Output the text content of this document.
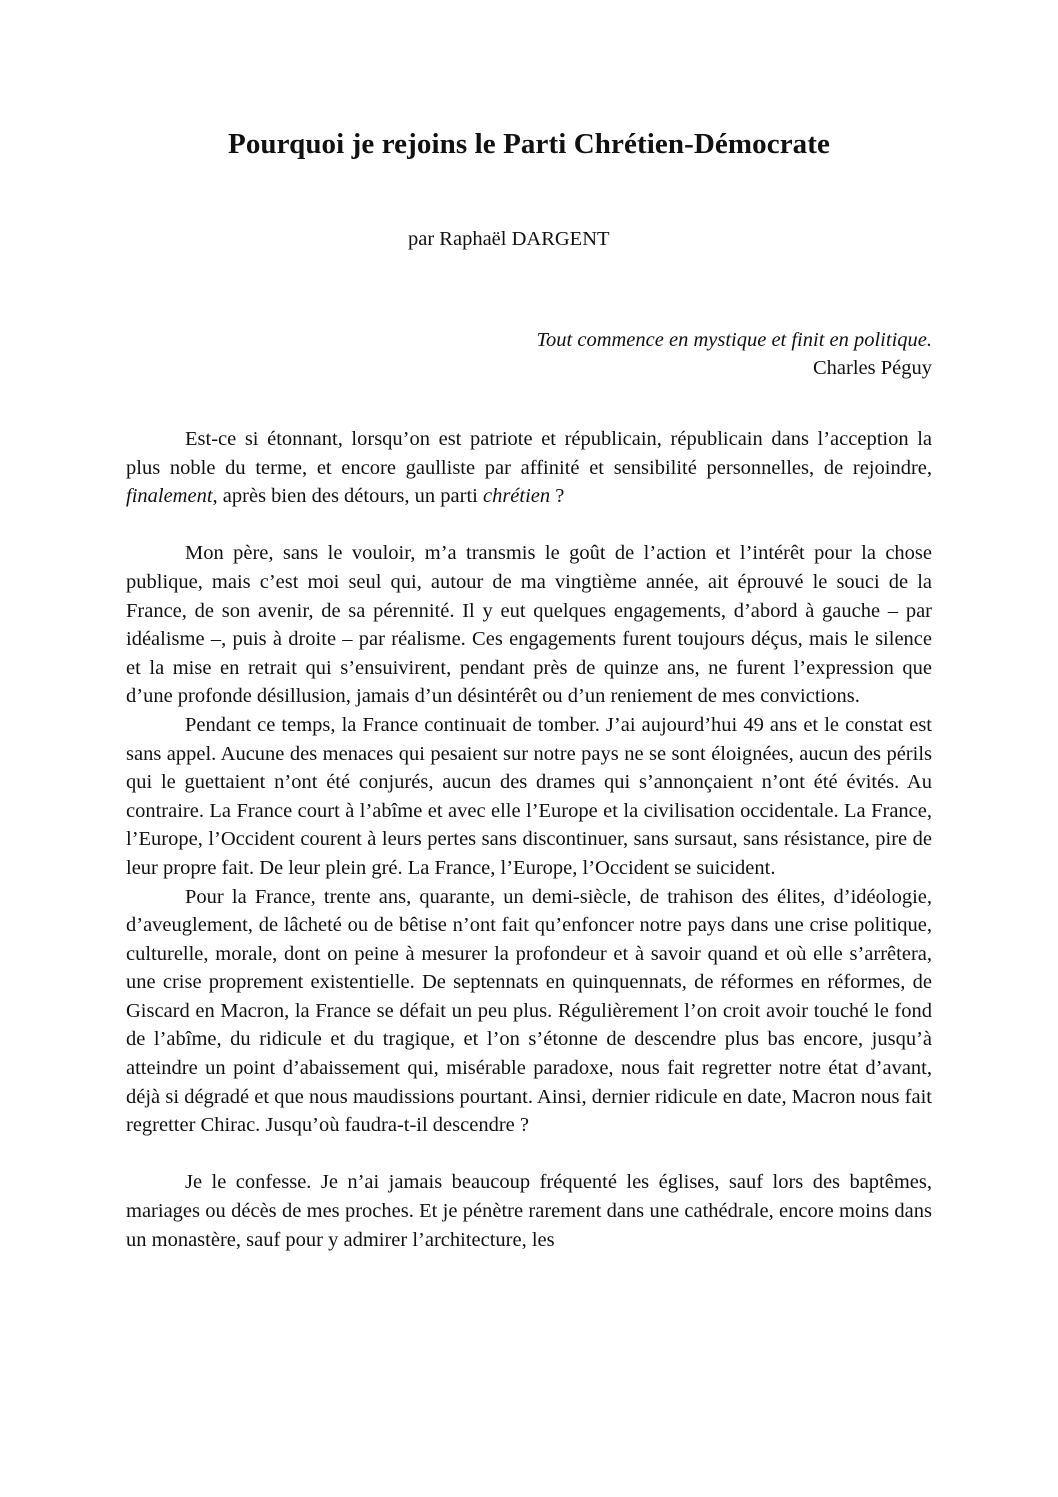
Pourquoi je rejoins le Parti Chrétien-Démocrate

par Raphaël DARGENT

Tout commence en mystique et finit en politique.
Charles Péguy

Est-ce si étonnant, lorsqu’on est patriote et républicain, républicain dans l’acception la plus noble du terme, et encore gaulliste par affinité et sensibilité personnelles, de rejoindre, finalement, après bien des détours, un parti chrétien ?

Mon père, sans le vouloir, m’a transmis le goût de l’action et l’intérêt pour la chose publique, mais c’est moi seul qui, autour de ma vingtième année, ait éprouvé le souci de la France, de son avenir, de sa pérennité. Il y eut quelques engagements, d’abord à gauche – par idéalisme –, puis à droite – par réalisme. Ces engagements furent toujours déçus, mais le silence et la mise en retrait qui s’ensuivirent, pendant près de quinze ans, ne furent l’expression que d’une profonde désillusion, jamais d’un désintérêt ou d’un reniement de mes convictions.

Pendant ce temps, la France continuait de tomber. J’ai aujourd’hui 49 ans et le constat est sans appel. Aucune des menaces qui pesaient sur notre pays ne se sont éloignées, aucun des périls qui le guettaient n’ont été conjurés, aucun des drames qui s’annonçaient n’ont été évités. Au contraire. La France court à l’abîme et avec elle l’Europe et la civilisation occidentale. La France, l’Europe, l’Occident courent à leurs pertes sans discontinuer, sans sursaut, sans résistance, pire de leur propre fait. De leur plein gré. La France, l’Europe, l’Occident se suicident.

Pour la France, trente ans, quarante, un demi-siècle, de trahison des élites, d’idéologie, d’aveuglement, de lâcheté ou de bêtise n’ont fait qu’enfoncer notre pays dans une crise politique, culturelle, morale, dont on peine à mesurer la profondeur et à savoir quand et où elle s’arrêtera, une crise proprement existentielle. De septennats en quinquennats, de réformes en réformes, de Giscard en Macron, la France se défait un peu plus. Régulièrement l’on croit avoir touché le fond de l’abîme, du ridicule et du tragique, et l’on s’étonne de descendre plus bas encore, jusqu’à atteindre un point d’abaissement qui, misérable paradoxe, nous fait regretter notre état d’avant, déjà si dégradé et que nous maudissions pourtant. Ainsi, dernier ridicule en date, Macron nous fait regretter Chirac. Jusqu’où faudra-t-il descendre ?

Je le confesse. Je n’ai jamais beaucoup fréquenté les églises, sauf lors des baptêmes, mariages ou décès de mes proches. Et je pénètre rarement dans une cathédrale, encore moins dans un monastère, sauf pour y admirer l’architecture, les
